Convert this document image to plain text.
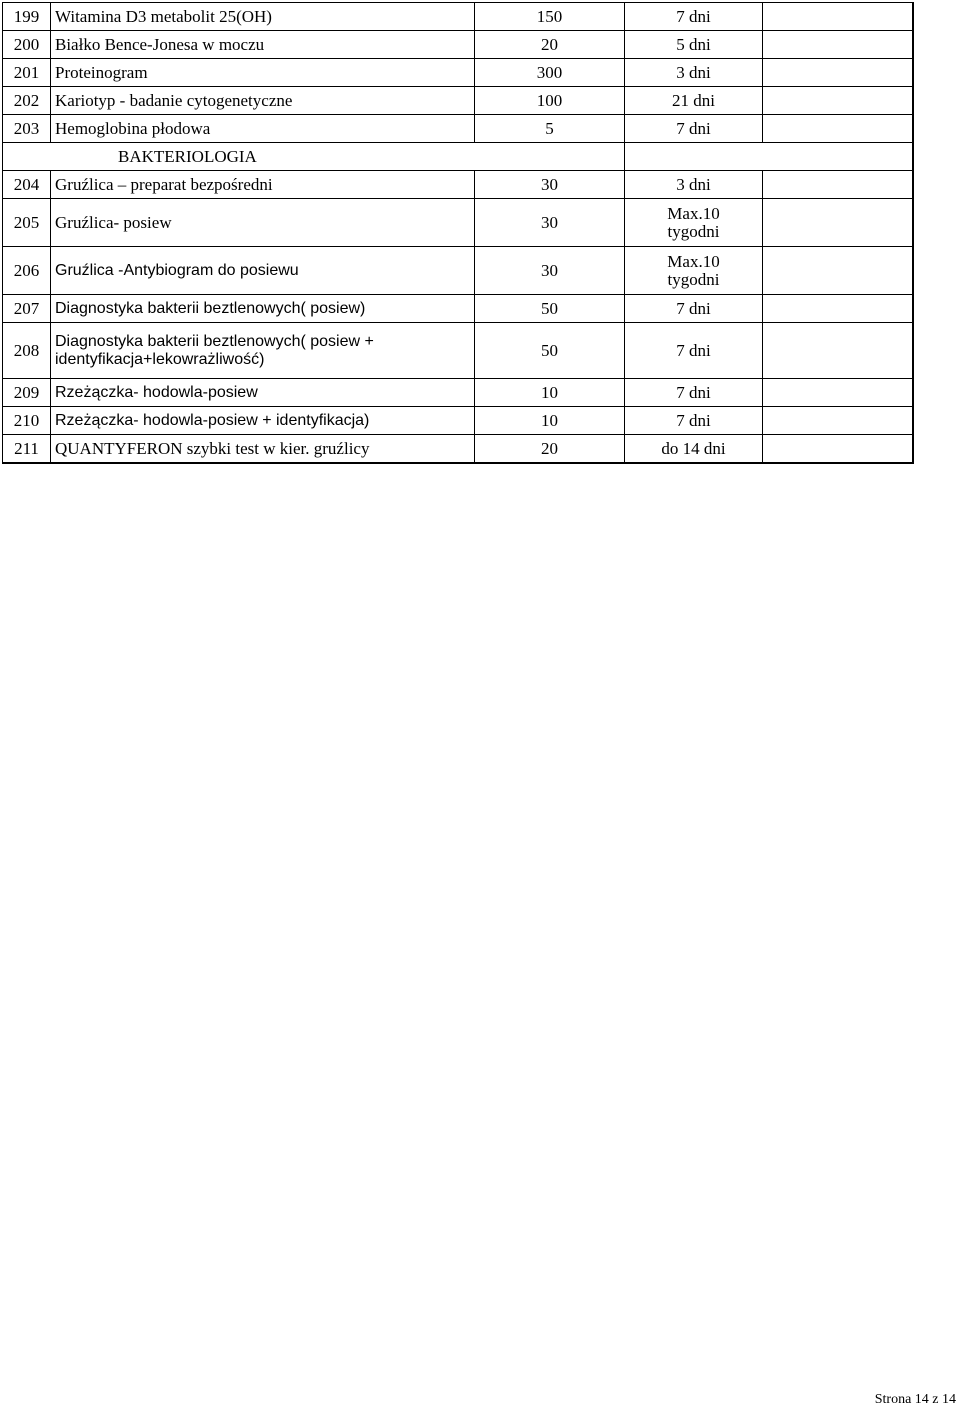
199	Witamina D3 metabolit 25(OH)	150	7 dni	
200	Białko Bence-Jonesa w moczu	20	5 dni	
201	Proteinogram	300	3 dni	
202	Kariotyp - badanie cytogenetyczne	100	21 dni	
203	Hemoglobina płodowa	5	7 dni	
BAKTERIOLOGIA				
204	Gruźlica – preparat bezpośredni	30	3 dni	
205	Gruźlica- posiew	30	Max.10
tygodni	

206	Gruźlica -Antybiogram do posiewu	30	Max.10
tygodni	

207	Diagnostyka bakterii beztlenowych( posiew)	50	7 dni	
208	Diagnostyka bakterii beztlenowych( posiew +
identyfikacja+lekowrażliwość)	50	7 dni	
209	Rzeżączka- hodowla-posiew	10	7 dni	
210	Rzeżączka- hodowla-posiew + identyfikacja)	10	7 dni	
211	QUANTYFERON szybki test w kier. gruźlicy	20	do 14 dni	
Strona 14 z 14
